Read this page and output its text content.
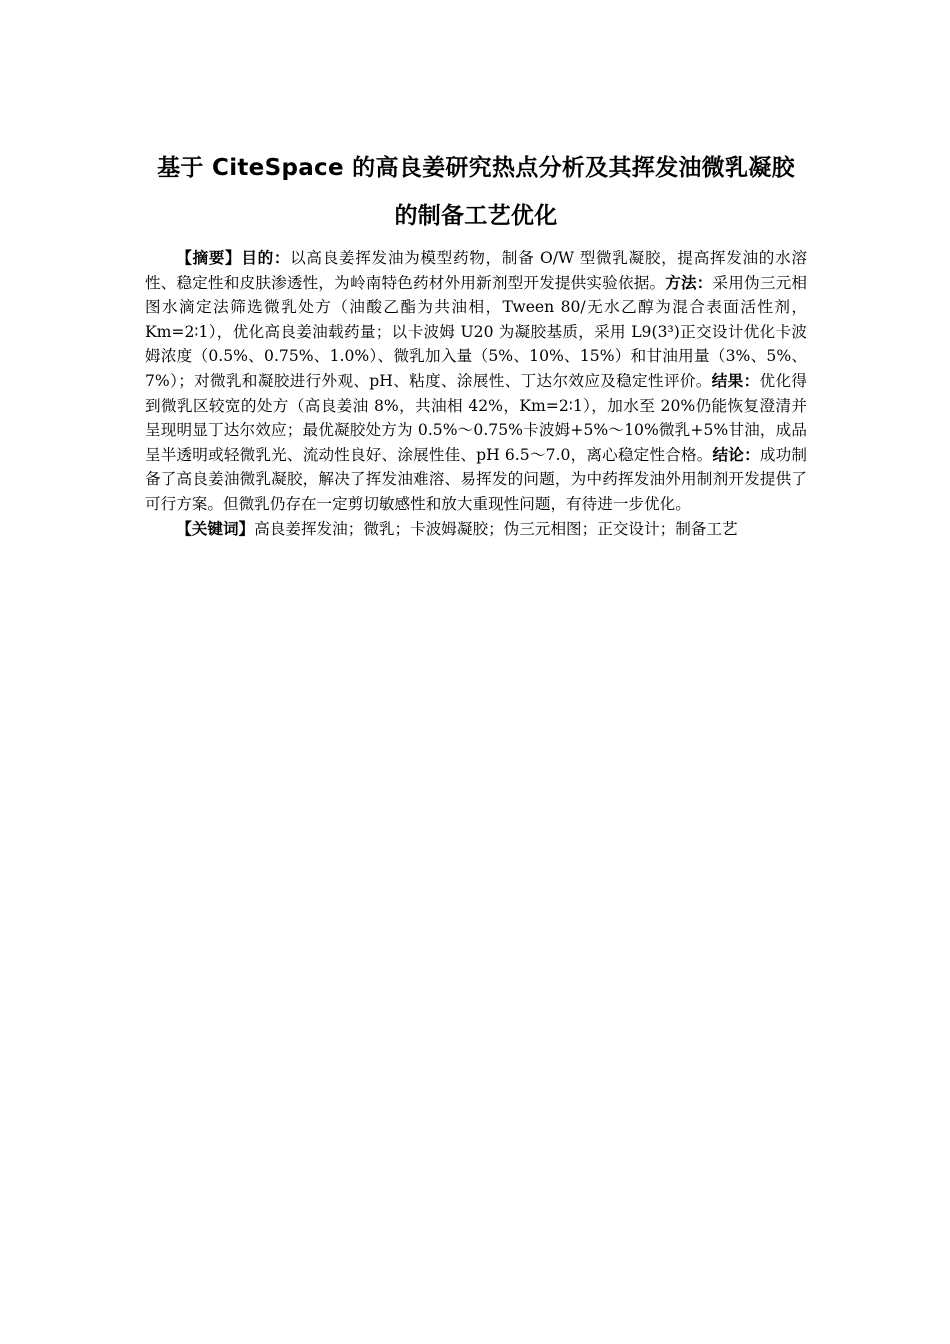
基于 CiteSpace 的高良姜研究热点分析及其挥发油微乳凝胶
的制备工艺优化

【摘要】目的：以高良姜挥发油为模型药物，制备 O/W 型微乳凝胶，提高挥发油的水溶性、稳定性和皮肤渗透性，为岭南特色药材外用新剂型开发提供实验依据。方法：采用伪三元相图水滴定法筛选微乳处方（油酸乙酯为共油相，Tween 80/无水乙醇为混合表面活性剂，Km=2∶1），优化高良姜油载药量；以卡波姆 U20 为凝胶基质，采用 L9(3³)正交设计优化卡波姆浓度（0.5%、0.75%、1.0%）、微乳加入量（5%、10%、15%）和甘油用量（3%、5%、7%）；对微乳和凝胶进行外观、pH、粘度、涂展性、丁达尔效应及稳定性评价。结果：优化得到微乳区较宽的处方（高良姜油 8%，共油相 42%，Km=2∶1），加水至 20%仍能恢复澄清并呈现明显丁达尔效应；最优凝胶处方为 0.5%～0.75%卡波姆+5%～10%微乳+5%甘油，成品呈半透明或轻微乳光、流动性良好、涂展性佳、pH 6.5～7.0，离心稳定性合格。结论：成功制备了高良姜油微乳凝胶，解决了挥发油难溶、易挥发的问题，为中药挥发油外用制剂开发提供了可行方案。但微乳仍存在一定剪切敏感性和放大重现性问题，有待进一步优化。

【关键词】高良姜挥发油；微乳；卡波姆凝胶；伪三元相图；正交设计；制备工艺
